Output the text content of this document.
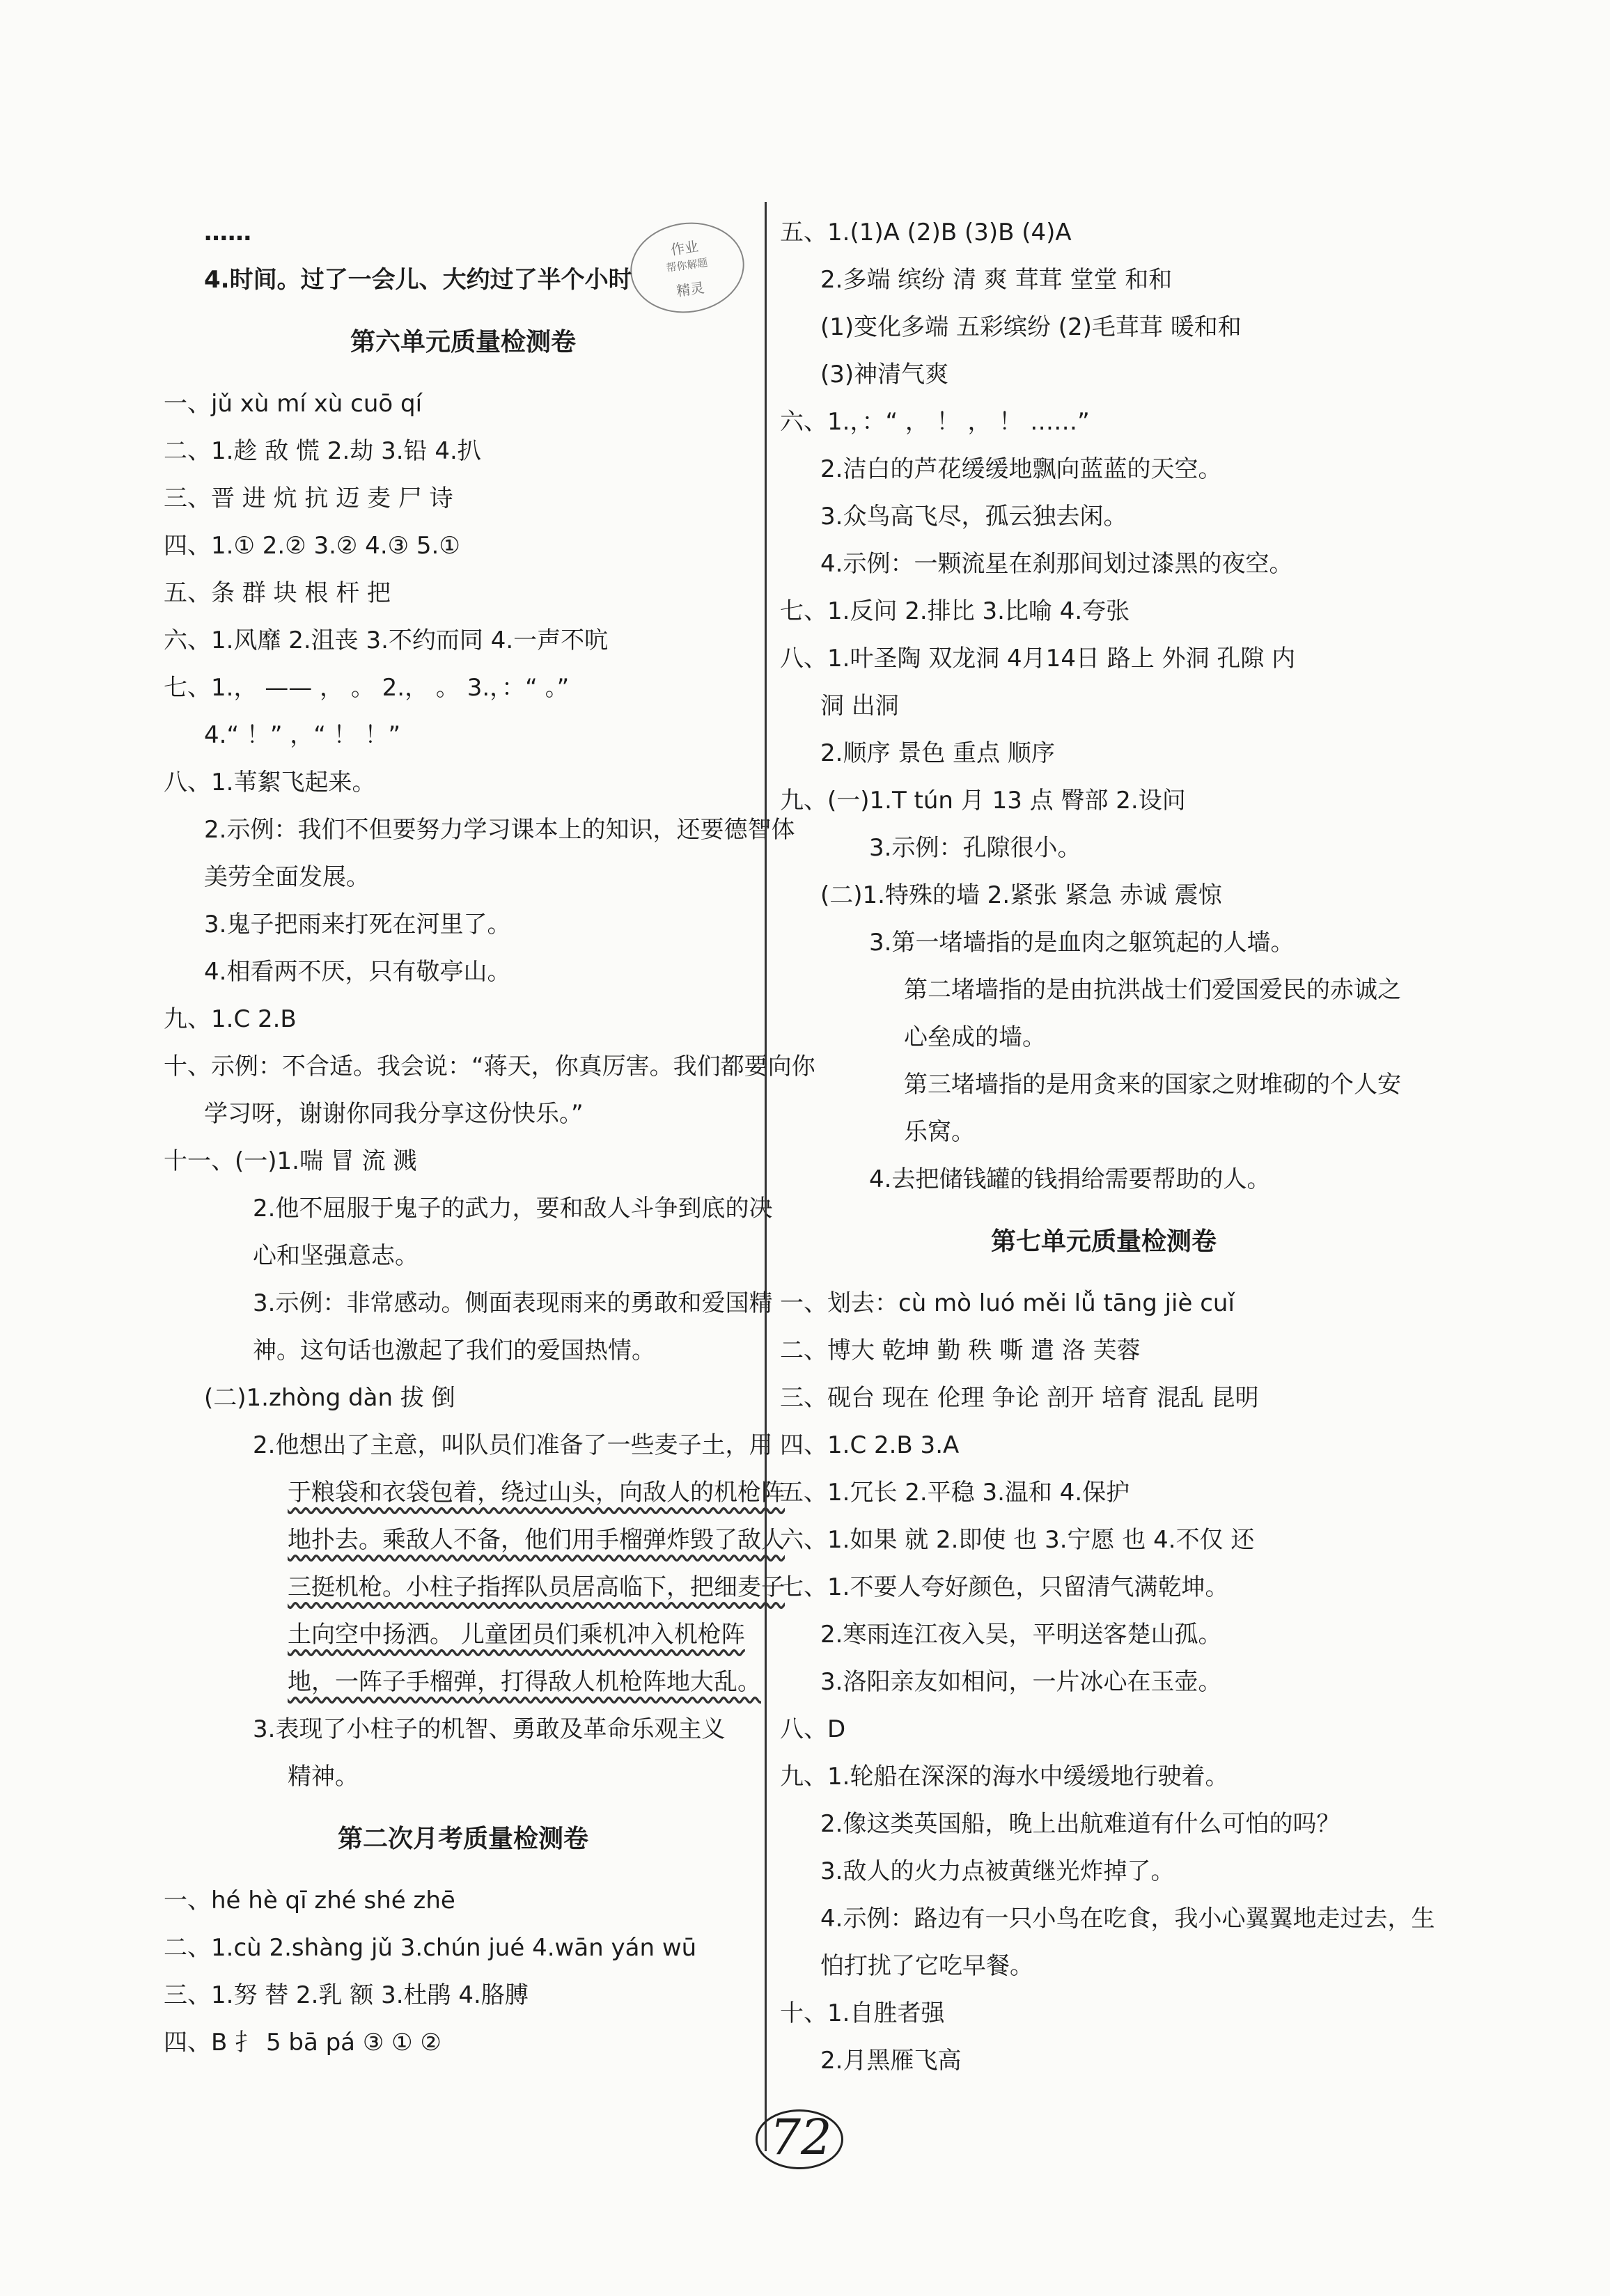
……
4.时间。过了一会儿、大约过了半个小时
第六单元质量检测卷
一、jǔ xù mí xù cuō qí
二、1.趁 敌 慌 2.劫 3.铅 4.扒
三、晋 进 炕 抗 迈 麦 尸 诗
四、1.① 2.② 3.② 4.③ 5.①
五、条 群 块 根 杆 把
六、1.风靡 2.沮丧 3.不约而同 4.一声不吭
七、1.， —— ， 。 2.， 。 3.，：“ 。”
4.“ ！” ，“ ！ ！”
八、1.苇絮飞起来。
2.示例：我们不但要努力学习课本上的知识，还要德智体
美劳全面发展。
3.鬼子把雨来打死在河里了。
4.相看两不厌，只有敬亭山。
九、1.C 2.B
十、示例：不合适。我会说：“蒋天，你真厉害。我们都要向你
学习呀，谢谢你同我分享这份快乐。”
十一、(一)1.喘 冒 流 溅
2.他不屈服于鬼子的武力，要和敌人斗争到底的决
心和坚强意志。
3.示例：非常感动。侧面表现雨来的勇敢和爱国精
神。这句话也激起了我们的爱国热情。
(二)1.zhòng dàn 拔 倒
2.他想出了主意，叫队员们准备了一些麦子土，用
于粮袋和衣袋包着，绕过山头，向敌人的机枪阵
地扑去。乘敌人不备，他们用手榴弹炸毁了敌人
三挺机枪。小柱子指挥队员居高临下，把细麦子
土向空中扬洒。 儿童团员们乘机冲入机枪阵
地，一阵子手榴弹，打得敌人机枪阵地大乱。
3.表现了小柱子的机智、勇敢及革命乐观主义
精神。
第二次月考质量检测卷
一、hé hè qī zhé shé zhē
二、1.cù 2.shàng jǔ 3.chún jué 4.wān yán wū
三、1.努 替 2.乳 额 3.杜鹃 4.胳膊
四、B 扌 5 bā pá ③ ① ②
五、1.(1)A (2)B (3)B (4)A
2.多端 缤纷 清 爽 茸茸 堂堂 和和
(1)变化多端 五彩缤纷 (2)毛茸茸 暖和和
(3)神清气爽
六、1.，：“ ， ！ ， ！ ……”
2.洁白的芦花缓缓地飘向蓝蓝的天空。
3.众鸟高飞尽，孤云独去闲。
4.示例：一颗流星在刹那间划过漆黑的夜空。
七、1.反问 2.排比 3.比喻 4.夸张
八、1.叶圣陶 双龙洞 4月14日 路上 外洞 孔隙 内
洞 出洞
2.顺序 景色 重点 顺序
九、(一)1.T tún 月 13 点 臀部 2.设问
3.示例：孔隙很小。
(二)1.特殊的墙 2.紧张 紧急 赤诚 震惊
3.第一堵墙指的是血肉之躯筑起的人墙。
第二堵墙指的是由抗洪战士们爱国爱民的赤诚之
心垒成的墙。
第三堵墙指的是用贪来的国家之财堆砌的个人安
乐窝。
4.去把储钱罐的钱捐给需要帮助的人。
第七单元质量检测卷
一、划去：cù mò luó měi lǚ tāng jiè cuǐ
二、博大 乾坤 勤 秩 嘶 遣 洛 芙蓉
三、砚台 现在 伦理 争论 剖开 培育 混乱 昆明
四、1.C 2.B 3.A
五、1.冗长 2.平稳 3.温和 4.保护
六、1.如果 就 2.即使 也 3.宁愿 也 4.不仅 还
七、1.不要人夸好颜色，只留清气满乾坤。
2.寒雨连江夜入吴，平明送客楚山孤。
3.洛阳亲友如相问，一片冰心在玉壶。
八、D
九、1.轮船在深深的海水中缓缓地行驶着。
2.像这类英国船，晚上出航难道有什么可怕的吗？
3.敌人的火力点被黄继光炸掉了。
4.示例：路边有一只小鸟在吃食，我小心翼翼地走过去，生
怕打扰了它吃早餐。
十、1.自胜者强
2.月黑雁飞高
作业
帮你解题
精灵
72
